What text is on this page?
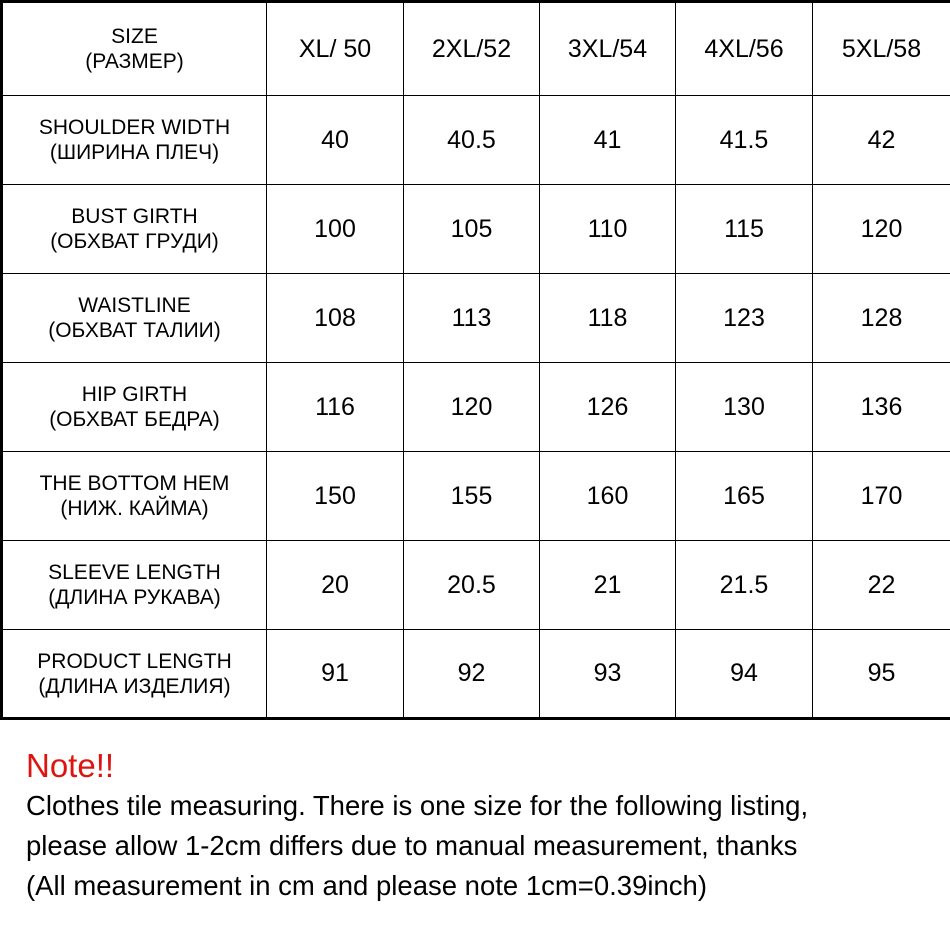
SIZE
(РАЗМЕР)	XL/ 50	2XL/52	3XL/54	4XL/56	5XL/58

SHOULDER WIDTH
(ШИРИНА ПЛЕЧ)	40	40.5	41	41.5	42

BUST GIRTH
(ОБХВАТ ГРУДИ)	100	105	110	115	120

WAISTLINE
(ОБХВАТ ТАЛИИ)	108	113	118	123	128

HIP GIRTH
(ОБХВАТ БЕДРА)	116	120	126	130	136

THE BOTTOM HEM
(НИЖ. КАЙМА)	150	155	160	165	170

SLEEVE LENGTH
(ДЛИНА РУКАВА)	20	20.5	21	21.5	22

PRODUCT LENGTH
(ДЛИНА ИЗДЕЛИЯ)	91	92	93	94	95
Note!!
Clothes tile measuring. There is one size for the following listing,
please allow 1-2cm differs due to manual measurement, thanks
(All measurement in cm and please note 1cm=0.39inch)
